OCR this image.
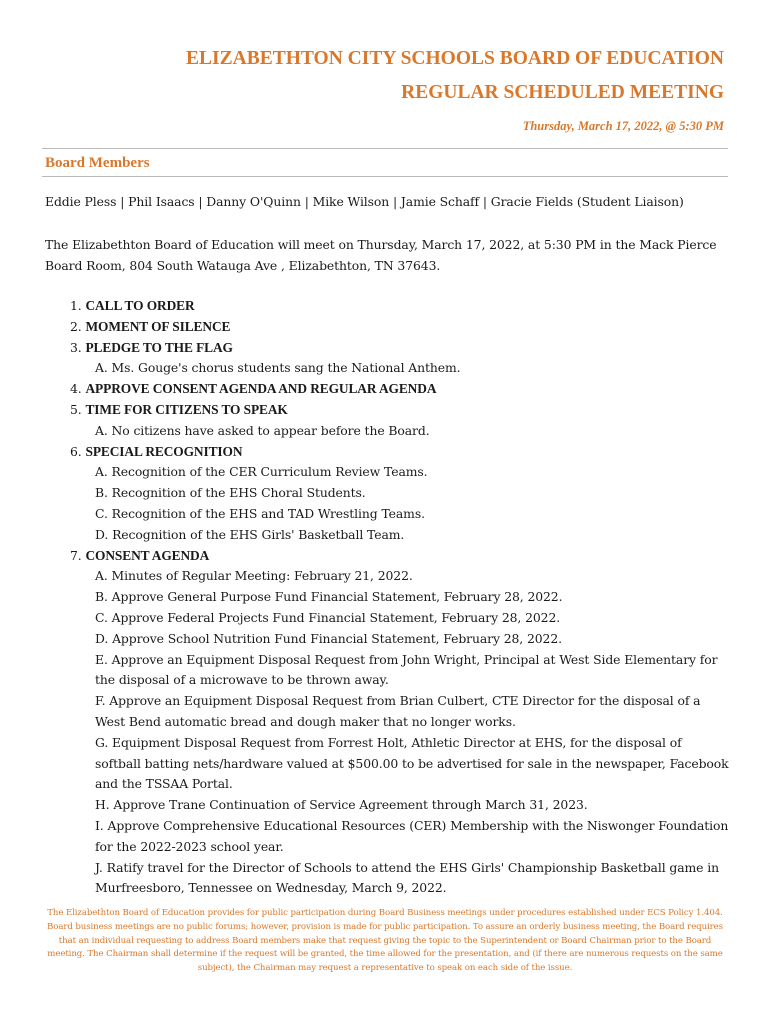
ELIZABETHTON CITY SCHOOLS BOARD OF EDUCATION
REGULAR SCHEDULED MEETING
Thursday, March 17, 2022, @ 5:30 PM
Board Members
Eddie Pless | Phil Isaacs | Danny O'Quinn | Mike Wilson | Jamie Schaff | Gracie Fields (Student Liaison)
The Elizabethton Board of Education will meet on Thursday, March 17, 2022, at 5:30 PM in the Mack Pierce Board Room, 804 South Watauga Ave , Elizabethton, TN 37643.
1. CALL TO ORDER
2. MOMENT OF SILENCE
3. PLEDGE TO THE FLAG
A. Ms. Gouge's chorus students sang the National Anthem.
4. APPROVE CONSENT AGENDA AND REGULAR AGENDA
5. TIME FOR CITIZENS TO SPEAK
A. No citizens have asked to appear before the Board.
6. SPECIAL RECOGNITION
A. Recognition of the CER Curriculum Review Teams.
B. Recognition of the EHS Choral Students.
C. Recognition of the EHS and TAD Wrestling Teams.
D. Recognition of the EHS Girls' Basketball Team.
7. CONSENT AGENDA
A. Minutes of Regular Meeting: February 21, 2022.
B. Approve General Purpose Fund Financial Statement, February 28, 2022.
C. Approve Federal Projects Fund Financial Statement, February 28, 2022.
D. Approve School Nutrition Fund Financial Statement, February 28, 2022.
E. Approve an Equipment Disposal Request from John Wright, Principal at West Side Elementary for the disposal of a microwave to be thrown away.
F. Approve an Equipment Disposal Request from Brian Culbert, CTE Director for the disposal of a West Bend automatic bread and dough maker that no longer works.
G. Equipment Disposal Request from Forrest Holt, Athletic Director at EHS, for the disposal of softball batting nets/hardware valued at $500.00 to be advertised for sale in the newspaper, Facebook and the TSSAA Portal.
H. Approve Trane Continuation of Service Agreement through March 31, 2023.
I. Approve Comprehensive Educational Resources (CER) Membership with the Niswonger Foundation for the 2022-2023 school year.
J. Ratify travel for the Director of Schools to attend the EHS Girls' Championship Basketball game in Murfreesboro, Tennessee on Wednesday, March 9, 2022.
The Elizabethton Board of Education provides for public participation during Board Business meetings under procedures established under ECS Policy 1.404. Board business meetings are no public forums; however, provision is made for public participation. To assure an orderly business meeting, the Board requires that an individual requesting to address Board members make that request giving the topic to the Superintendent or Board Chairman prior to the Board meeting. The Chairman shall determine if the request will be granted, the time allowed for the presentation, and (if there are numerous requests on the same subject), the Chairman may request a representative to speak on each side of the issue.
